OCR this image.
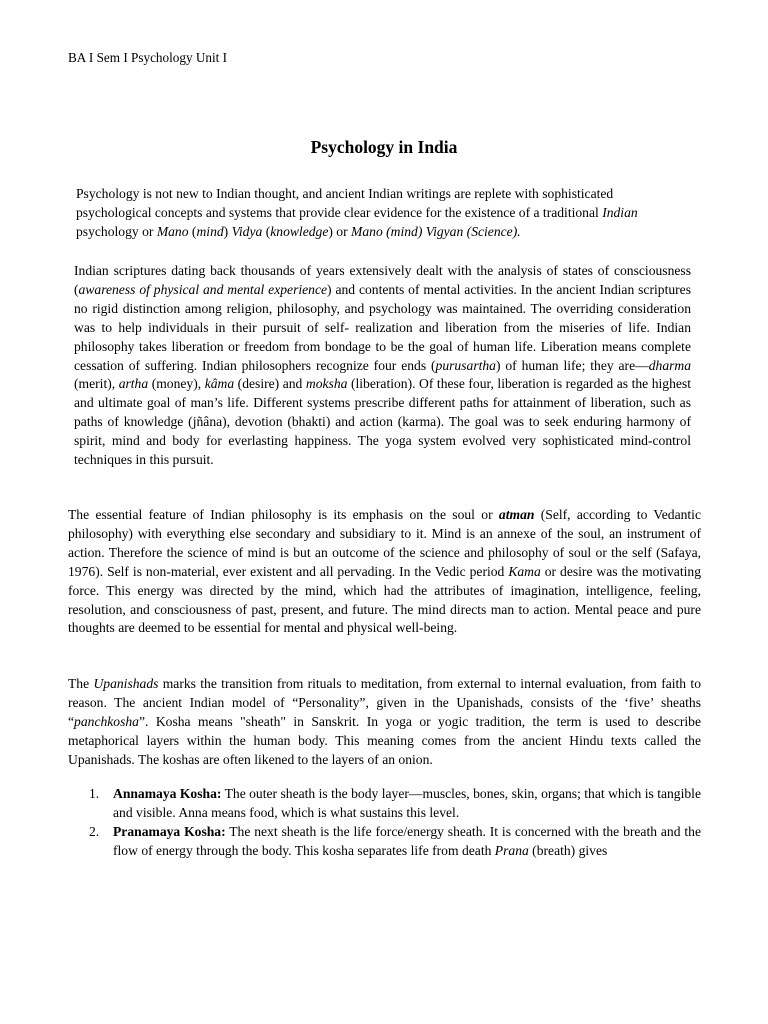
BA I Sem I Psychology Unit I
Psychology in India

Psychology is not new to Indian thought, and ancient Indian writings are replete with sophisticated psychological concepts and systems that provide clear evidence for the existence of a traditional Indian psychology or Mano (mind) Vidya (knowledge) or Mano (mind) Vigyan (Science).

Indian scriptures dating back thousands of years extensively dealt with the analysis of states of consciousness (awareness of physical and mental experience) and contents of mental activities. In the ancient Indian scriptures no rigid distinction among religion, philosophy, and psychology was maintained. The overriding consideration was to help individuals in their pursuit of self- realization and liberation from the miseries of life. Indian philosophy takes liberation or freedom from bondage to be the goal of human life. Liberation means complete cessation of suffering. Indian philosophers recognize four ends (purusartha) of human life; they are—dharma (merit), artha (money), kâma (desire) and moksha (liberation). Of these four, liberation is regarded as the highest and ultimate goal of man’s life. Different systems prescribe different paths for attainment of liberation, such as paths of knowledge (jñâna), devotion (bhakti) and action (karma). The goal was to seek enduring harmony of spirit, mind and body for everlasting happiness. The yoga system evolved very sophisticated mind-control techniques in this pursuit.

The essential feature of Indian philosophy is its emphasis on the soul or atman (Self, according to Vedantic philosophy) with everything else secondary and subsidiary to it. Mind is an annexe of the soul, an instrument of action. Therefore the science of mind is but an outcome of the science and philosophy of soul or the self (Safaya, 1976). Self is non-material, ever existent and all pervading. In the Vedic period Kama or desire was the motivating force. This energy was directed by the mind, which had the attributes of imagination, intelligence, feeling, resolution, and consciousness of past, present, and future. The mind directs man to action. Mental peace and pure thoughts are deemed to be essential for mental and physical well-being.

The Upanishads marks the transition from rituals to meditation, from external to internal evaluation, from faith to reason. The ancient Indian model of “Personality”, given in the Upanishads, consists of the ‘five’ sheaths “panchkosha”. Kosha means "sheath" in Sanskrit. In yoga or yogic tradition, the term is used to describe metaphorical layers within the human body. This meaning comes from the ancient Hindu texts called the Upanishads. The koshas are often likened to the layers of an onion.

1. Annamaya Kosha: The outer sheath is the body layer—muscles, bones, skin, organs; that which is tangible and visible. Anna means food, which is what sustains this level.
2. Pranamaya Kosha: The next sheath is the life force/energy sheath. It is concerned with the breath and the flow of energy through the body. This kosha separates life from death Prana (breath) gives
